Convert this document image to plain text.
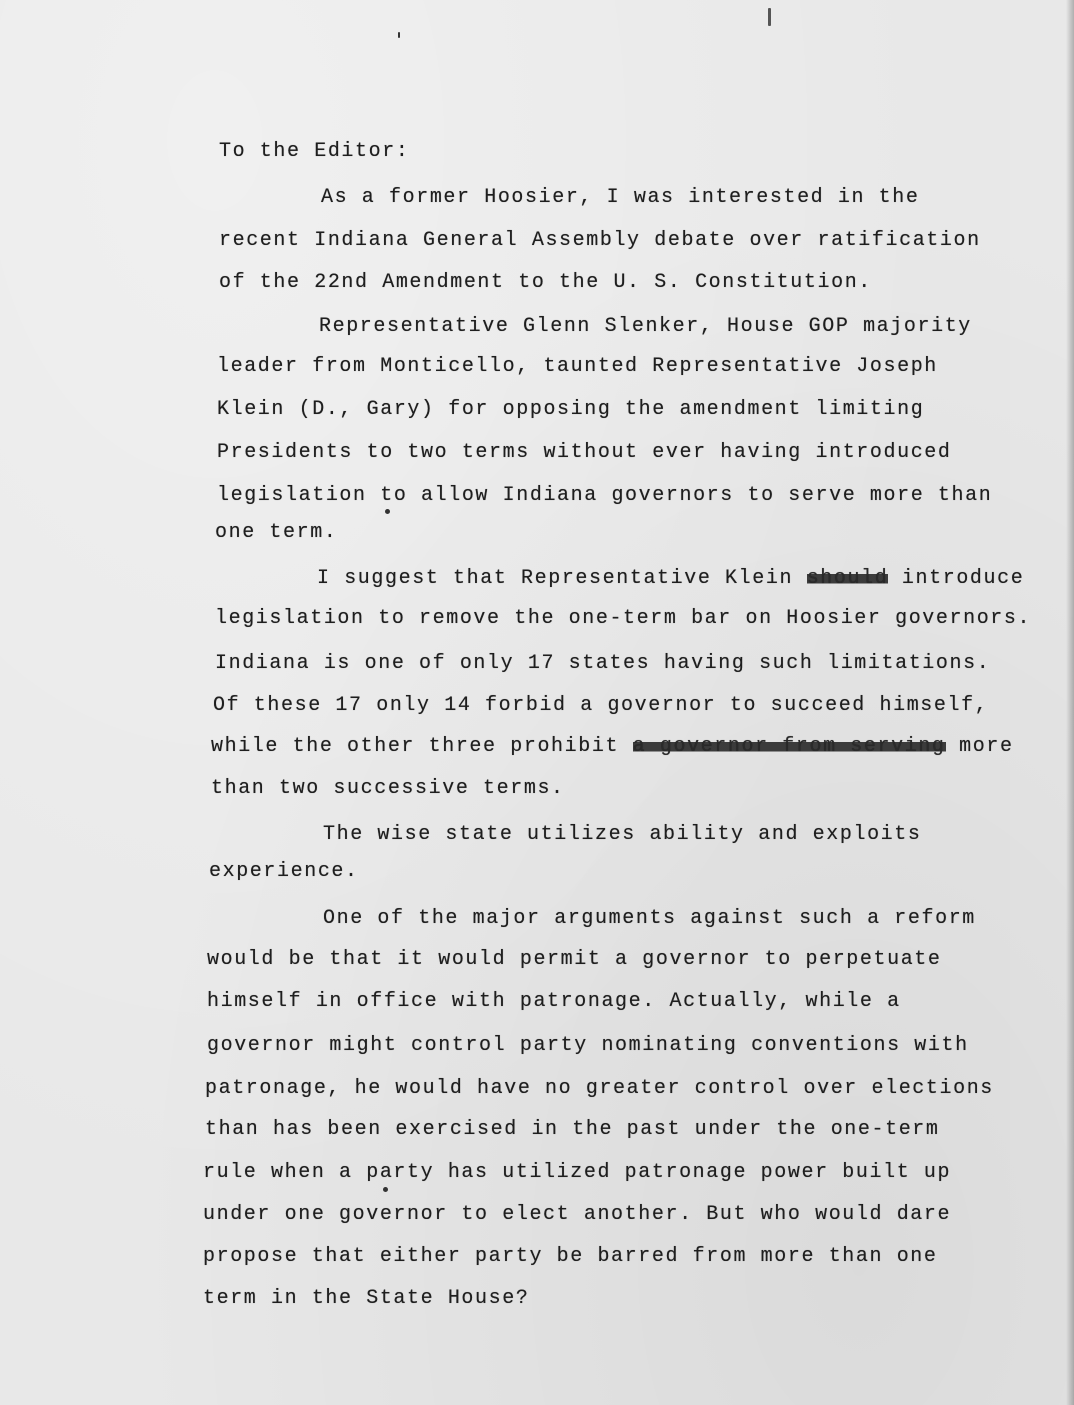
To the Editor:
As a former Hoosier, I was interested in the
recent Indiana General Assembly debate over ratification
of the 22nd Amendment to the U. S. Constitution.
Representative Glenn Slenker, House GOP majority
leader from Monticello, taunted Representative Joseph
Klein (D., Gary) for opposing the amendment limiting
Presidents to two terms without ever having introduced
legislation to allow Indiana governors to serve more than
one term.
I suggest that Representative Klein should introduce
legislation to remove the one-term bar on Hoosier governors.
Indiana is one of only 17 states having such limitations.
Of these 17 only 14 forbid a governor to succeed himself,
while the other three prohibit a governor from serving more
than two successive terms.
The wise state utilizes ability and exploits
experience.
One of the major arguments against such a reform
would be that it would permit a governor to perpetuate
himself in office with patronage. Actually, while a
governor might control party nominating conventions with
patronage, he would have no greater control over elections
than has been exercised in the past under the one-term
rule when a party has utilized patronage power built up
under one governor to elect another. But who would dare
propose that either party be barred from more than one
term in the State House?
